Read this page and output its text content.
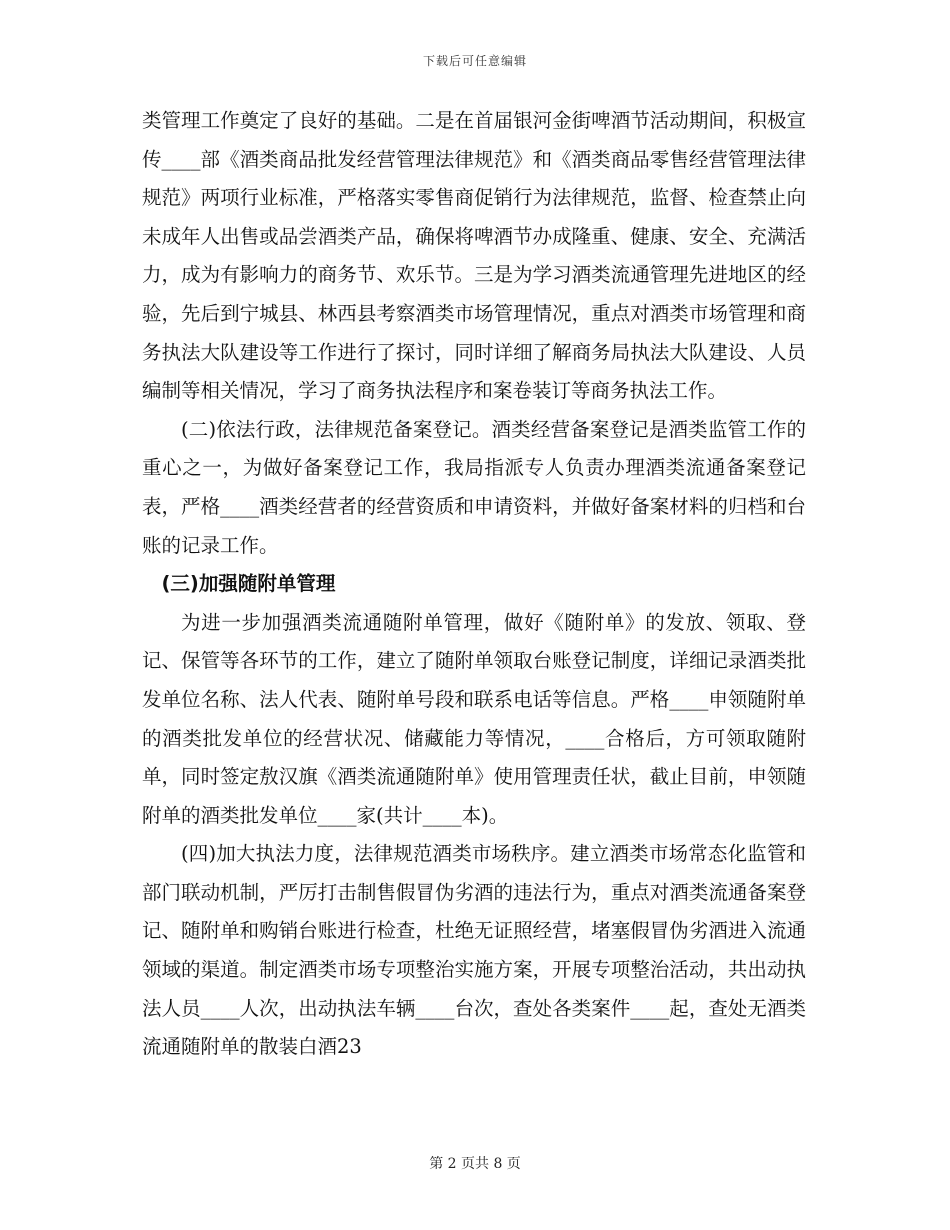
下载后可任意编辑

类管理工作奠定了良好的基础。二是在首届银河金街啤酒节活动期间，积极宣传____部《酒类商品批发经营管理法律规范》和《酒类商品零售经营管理法律规范》两项行业标准，严格落实零售商促销行为法律规范，监督、检查禁止向未成年人出售或品尝酒类产品，确保将啤酒节办成隆重、健康、安全、充满活力，成为有影响力的商务节、欢乐节。三是为学习酒类流通管理先进地区的经验，先后到宁城县、林西县考察酒类市场管理情况，重点对酒类市场管理和商务执法大队建设等工作进行了探讨，同时详细了解商务局执法大队建设、人员编制等相关情况，学习了商务执法程序和案卷装订等商务执法工作。

(二)依法行政，法律规范备案登记。酒类经营备案登记是酒类监管工作的重心之一，为做好备案登记工作，我局指派专人负责办理酒类流通备案登记表，严格____酒类经营者的经营资质和申请资料，并做好备案材料的归档和台账的记录工作。

(三)加强随附单管理

为进一步加强酒类流通随附单管理，做好《随附单》的发放、领取、登记、保管等各环节的工作，建立了随附单领取台账登记制度，详细记录酒类批发单位名称、法人代表、随附单号段和联系电话等信息。严格____申领随附单的酒类批发单位的经营状况、储藏能力等情况，____合格后，方可领取随附单，同时签定敖汉旗《酒类流通随附单》使用管理责任状，截止目前，申领随附单的酒类批发单位____家(共计____本)。

(四)加大执法力度，法律规范酒类市场秩序。建立酒类市场常态化监管和部门联动机制，严厉打击制售假冒伪劣酒的违法行为，重点对酒类流通备案登记、随附单和购销台账进行检查，杜绝无证照经营，堵塞假冒伪劣酒进入流通领域的渠道。制定酒类市场专项整治实施方案，开展专项整治活动，共出动执法人员____人次，出动执法车辆____台次，查处各类案件____起，查处无酒类流通随附单的散装白酒23

第 2 页共 8 页
